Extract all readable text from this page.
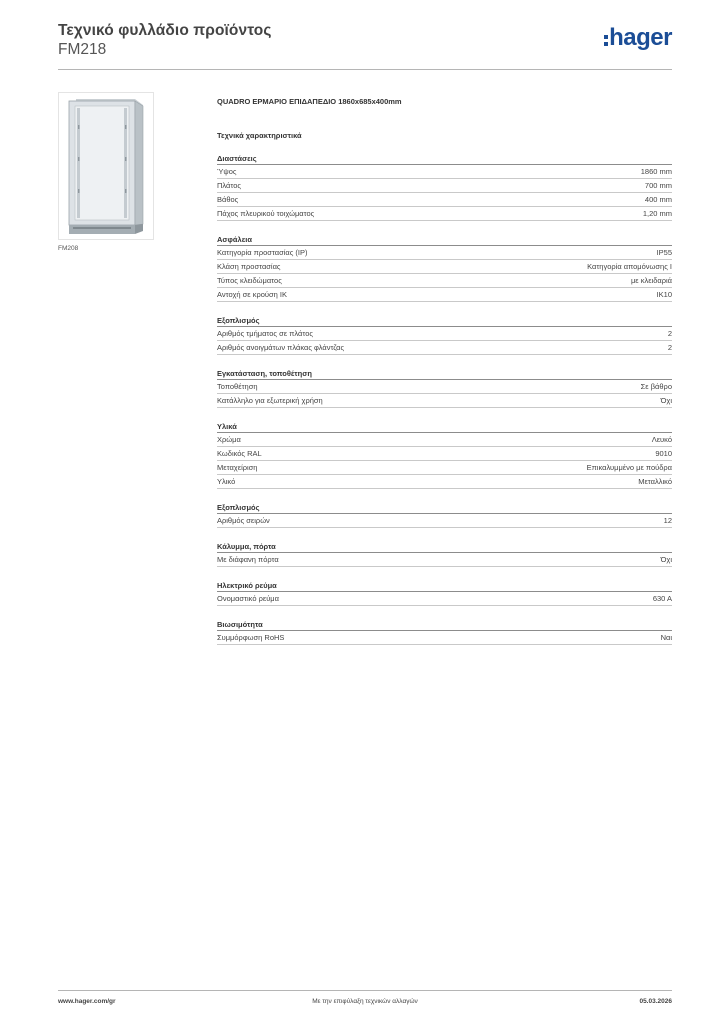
Τεχνικό φυλλάδιο προϊόντος
FM218	hager
FM208
QUADRO ΕΡΜΑΡΙΟ ΕΠΙΔΑΠΕΔΙΟ 1860x685x400mm
Τεχνικά χαρακτηριστικά
Διαστάσεις
Ύψος	1860 mm
Πλάτος	700 mm
Βάθος	400 mm
Πάχος πλευρικού τοιχώματος	1,20 mm
Ασφάλεια
Κατηγορία προστασίας (IP)	IP55
Κλάση προστασίας	Κατηγορία απομόνωσης I
Τύπος κλειδώματος	με κλειδαριά
Αντοχή σε κρούση IK	IK10
Εξοπλισμός
Αριθμός τμήματος σε πλάτος	2
Αριθμός ανοιγμάτων πλάκας φλάντζας	2
Εγκατάσταση, τοποθέτηση
Τοποθέτηση	Σε βάθρο
Κατάλληλο για εξωτερική χρήση	Όχι
Υλικά
Χρώμα	Λευκό
Κωδικός RAL	9010
Μεταχείριση	Επικαλυμμένο με πούδρα
Υλικό	Μεταλλικό
Εξοπλισμός
Αριθμός σειρών	12
Κάλυμμα, πόρτα
Με διάφανη πόρτα	Όχι
Ηλεκτρικό ρεύμα
Ονομαστικό ρεύμα	630 A
Βιωσιμότητα
Συμμόρφωση RoHS	Ναι
www.hager.com/gr	Με την επιφύλαξη τεχνικών αλλαγών	05.03.2026
